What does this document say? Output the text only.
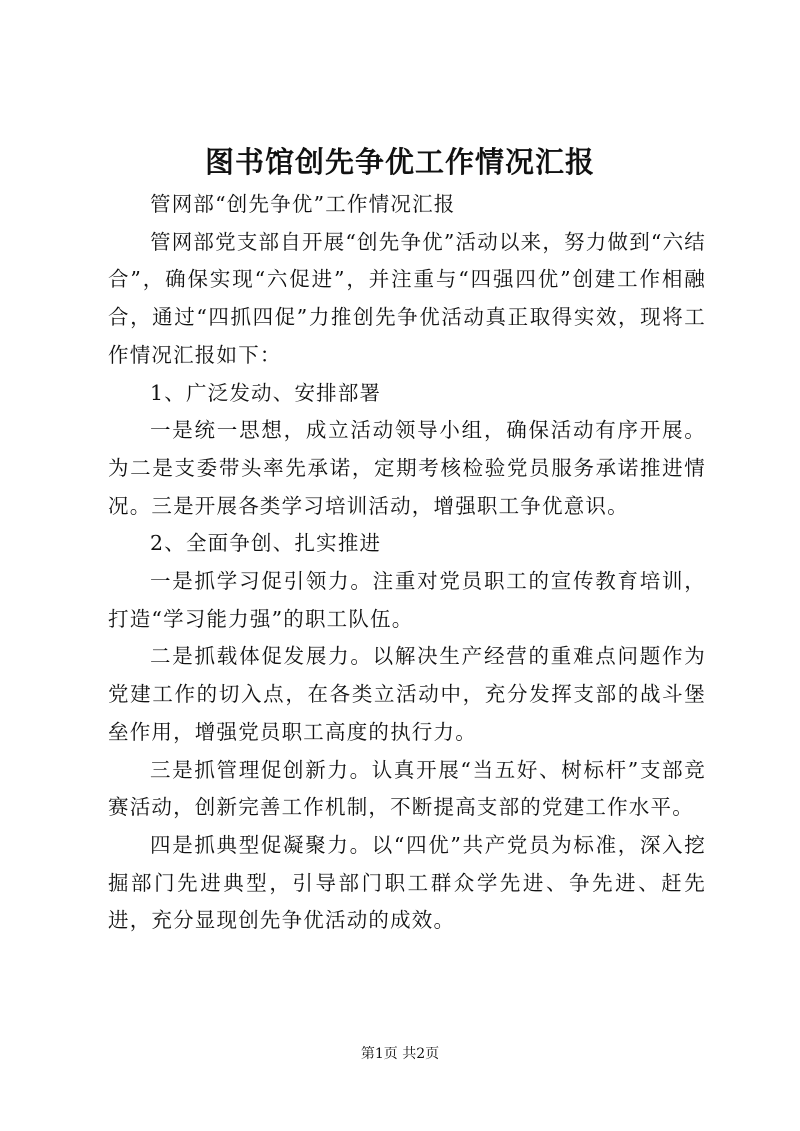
图书馆创先争优工作情况汇报

管网部“创先争优”工作情况汇报

管网部党支部自开展“创先争优”活动以来，努力做到“六结合”，确保实现“六促进”，并注重与“四强四优”创建工作相融合，通过“四抓四促”力推创先争优活动真正取得实效，现将工作情况汇报如下：

1、广泛发动、安排部署

一是统一思想，成立活动领导小组，确保活动有序开展。为二是支委带头率先承诺，定期考核检验党员服务承诺推进情况。三是开展各类学习培训活动，增强职工争优意识。

2、全面争创、扎实推进

一是抓学习促引领力。注重对党员职工的宣传教育培训，打造“学习能力强”的职工队伍。

二是抓载体促发展力。以解决生产经营的重难点问题作为党建工作的切入点，在各类立活动中，充分发挥支部的战斗堡垒作用，增强党员职工高度的执行力。

三是抓管理促创新力。认真开展“当五好、树标杆”支部竞赛活动，创新完善工作机制，不断提高支部的党建工作水平。

四是抓典型促凝聚力。以“四优”共产党员为标准，深入挖掘部门先进典型，引导部门职工群众学先进、争先进、赶先进，充分显现创先争优活动的成效。

第1页 共2页
